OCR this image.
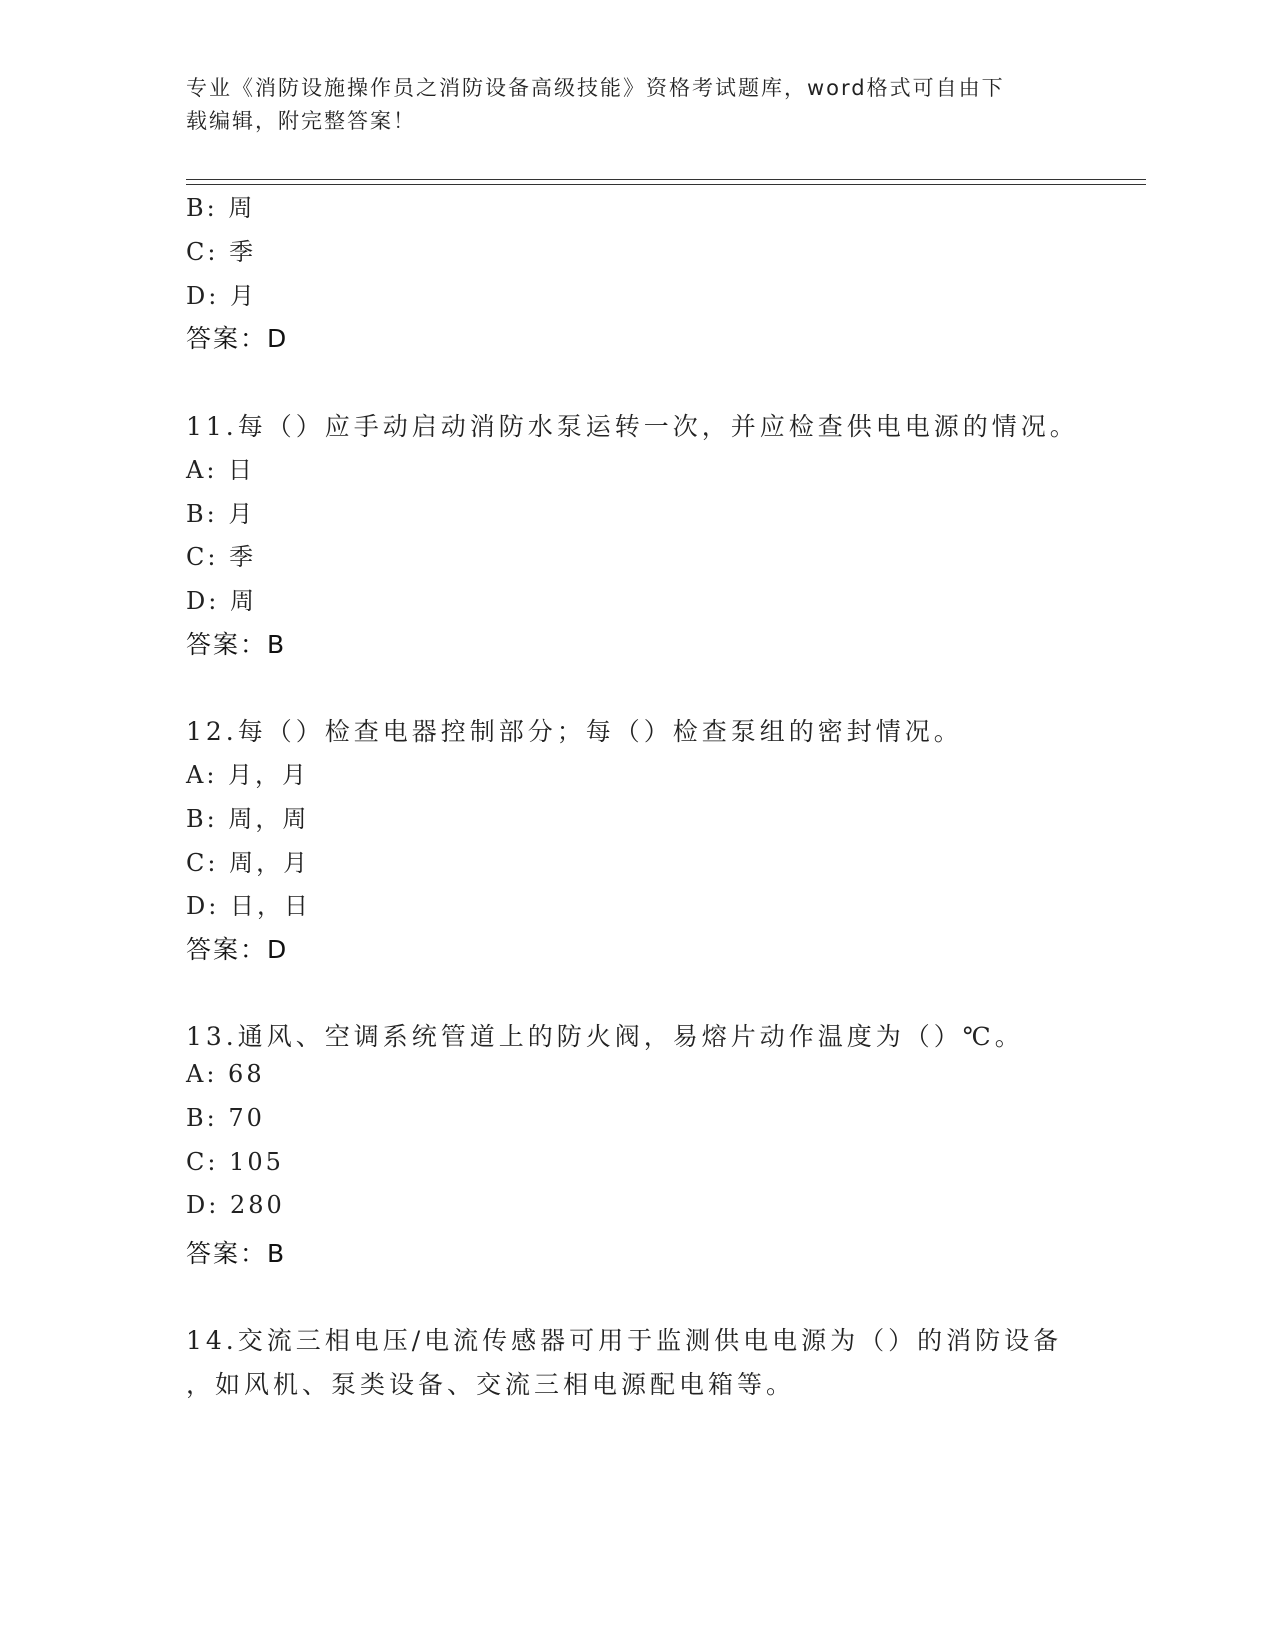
专业《消防设施操作员之消防设备高级技能》资格考试题库，word格式可自由下
载编辑，附完整答案！
B: 周
C: 季
D: 月
答案：D
11.每（）应手动启动消防水泵运转一次，并应检查供电电源的情况。
A: 日
B: 月
C: 季
D: 周
答案：B
12.每（）检查电器控制部分；每（）检查泵组的密封情况。
A: 月，月
B: 周，周
C: 周，月
D: 日，日
答案：D
13.通风、空调系统管道上的防火阀，易熔片动作温度为（）℃。
A: 68
B: 70
C: 105
D: 280
答案：B
14.交流三相电压/电流传感器可用于监测供电电源为（）的消防设备
，如风机、泵类设备、交流三相电源配电箱等。
